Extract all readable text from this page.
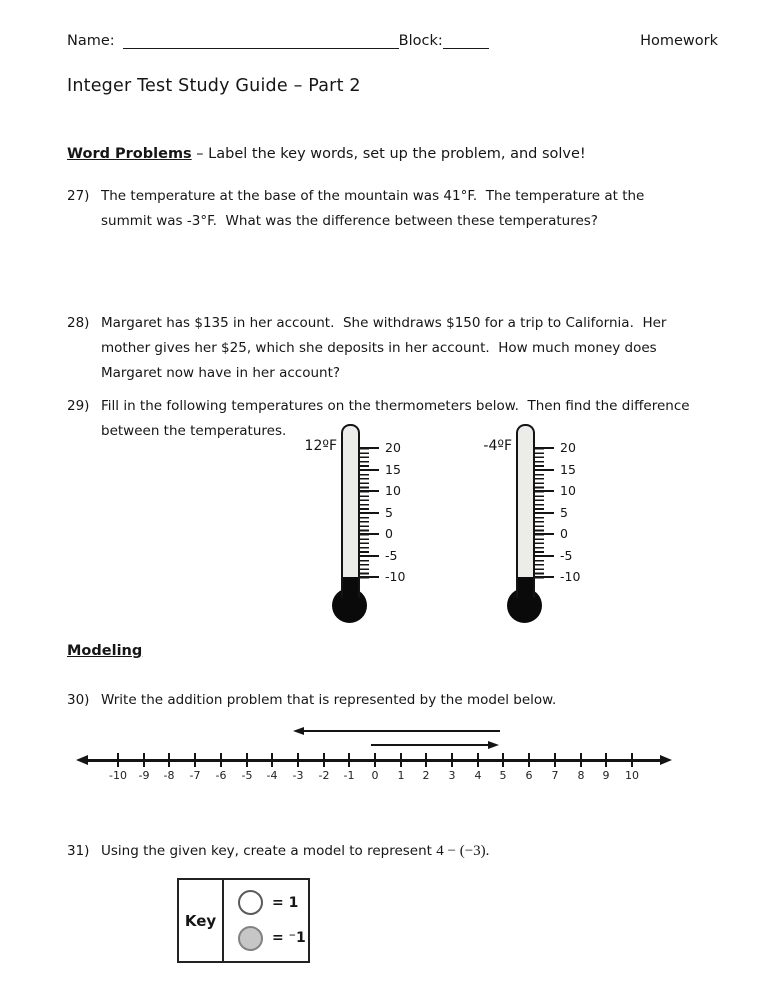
Name:	Block:	Homework
Integer Test Study Guide – Part 2
Word Problems – Label the key words, set up the problem, and solve!
27) The temperature at the base of the mountain was 41°F.  The temperature at the
summit was -3°F.  What was the difference between these temperatures?
28) Margaret has $135 in her account.  She withdraws $150 for a trip to California.  Her
mother gives her $25, which she deposits in her account.  How much money does
Margaret now have in her account?
29) Fill in the following temperatures on the thermometers below.  Then find the difference
between the temperatures.
12ºF	20
15
10
5
0
-5
-10
-4ºF	20
15
10
5
0
-5
-10
Modeling
30) Write the addition problem that is represented by the model below.
-10 -9 -8 -7 -6 -5 -4 -3 -2 -1 0 1 2 3 4 5 6 7 8 9 10
31) Using the given key, create a model to represent 4 − (−3).
Key
= 1
= ⁻1
